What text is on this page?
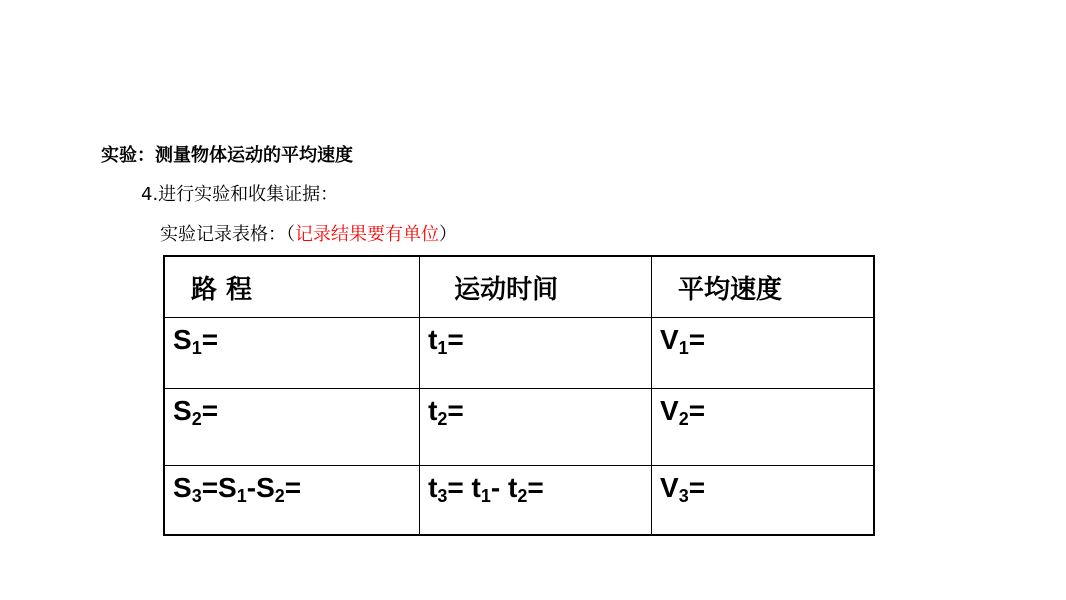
实验：测量物体运动的平均速度
4.进行实验和收集证据：
实验记录表格：（记录结果要有单位）
路 程	运动时间	平均速度
$S_1=$	$t_1=$	$V_1=$
$S_2=$	$t_2=$	$V_2=$
$S_3=S_1-S_2=$	$t_3= t_1-$ $t_2=$	$V_3=$
